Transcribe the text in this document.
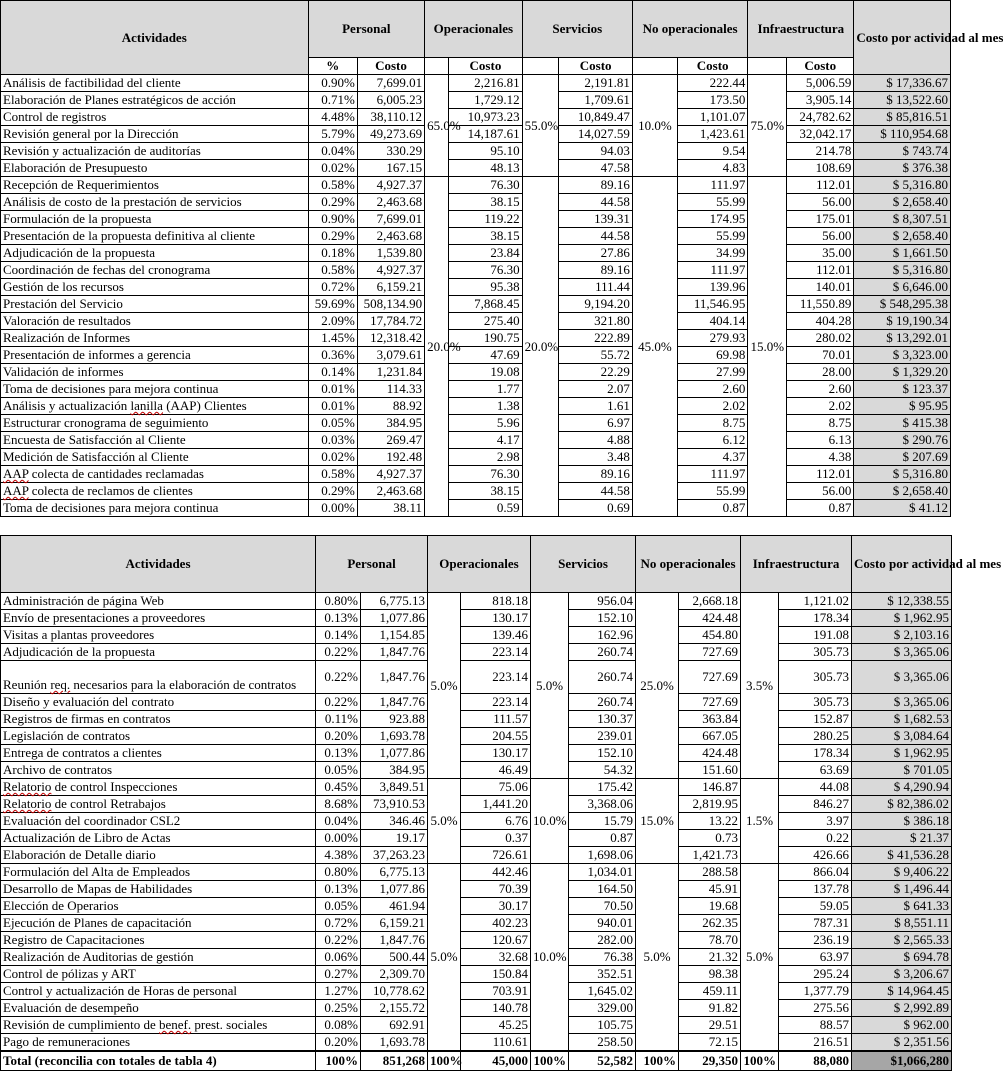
Actividades	Personal		Operacionales		Servicios		No operacionales		Infraestructura		Costo por actividad al mes
	%	Costo		Costo		Costo		Costo		Costo	
Análisis de factibilidad del cliente	0.90%	7,699.01	65.0%	2,216.81	55.0%	2,191.81	10.0%	222.44	75.0%	5,006.59	$ 17,336.67
Elaboración de Planes estratégicos de acción	0.71%	6,005.23		1,729.12		1,709.61		173.50		3,905.14	$ 13,522.60
Control de registros	4.48%	38,110.12		10,973.23		10,849.47		1,101.07		24,782.62	$ 85,816.51
Revisión general por la Dirección	5.79%	49,273.69		14,187.61		14,027.59		1,423.61		32,042.17	$ 110,954.68
Revisión y actualización de auditorías	0.04%	330.29		95.10		94.03		9.54		214.78	$ 743.74
Elaboración de Presupuesto	0.02%	167.15		48.13		47.58		4.83		108.69	$ 376.38
Recepción de Requerimientos	0.58%	4,927.37	20.0%	76.30	20.0%	89.16	45.0%	111.97	15.0%	112.01	$ 5,316.80
Análisis de costo de la prestación de servicios	0.29%	2,463.68		38.15		44.58		55.99		56.00	$ 2,658.40
Formulación de la propuesta	0.90%	7,699.01		119.22		139.31		174.95		175.01	$ 8,307.51
Presentación de la propuesta definitiva al cliente	0.29%	2,463.68		38.15		44.58		55.99		56.00	$ 2,658.40
Adjudicación de la propuesta	0.18%	1,539.80		23.84		27.86		34.99		35.00	$ 1,661.50
Coordinación de fechas del cronograma	0.58%	4,927.37		76.30		89.16		111.97		112.01	$ 5,316.80
Gestión de los recursos	0.72%	6,159.21		95.38		111.44		139.96		140.01	$ 6,646.00
Prestación del Servicio	59.69%	508,134.90		7,868.45		9,194.20		11,546.95		11,550.89	$ 548,295.38
Valoración de resultados	2.09%	17,784.72		275.40		321.80		404.14		404.28	$ 19,190.34
Realización de Informes	1.45%	12,318.42		190.75		222.89		279.93		280.02	$ 13,292.01
Presentación de informes a gerencia	0.36%	3,079.61		47.69		55.72		69.98		70.01	$ 3,323.00
Validación de informes	0.14%	1,231.84		19.08		22.29		27.99		28.00	$ 1,329.20
Toma de decisiones para mejora continua	0.01%	114.33		1.77		2.07		2.60		2.60	$ 123.37
Análisis y actualización lanilla (AAP) Clientes	0.01%	88.92		1.38		1.61		2.02		2.02	$ 95.95
Estructurar cronograma de seguimiento	0.05%	384.95		5.96		6.97		8.75		8.75	$ 415.38
Encuesta de Satisfacción al Cliente	0.03%	269.47		4.17		4.88		6.12		6.13	$ 290.76
Medición de Satisfacción al Cliente	0.02%	192.48		2.98		3.48		4.37		4.38	$ 207.69
AAP colecta de cantidades reclamadas	0.58%	4,927.37		76.30		89.16		111.97		112.01	$ 5,316.80
AAP colecta de reclamos de clientes	0.29%	2,463.68		38.15		44.58		55.99		56.00	$ 2,658.40
Toma de decisiones para mejora continua	0.00%	38.11		0.59		0.69		0.87		0.87	$ 41.12
Actividades	Personal		Operacionales		Servicios		No operacionales		Infraestructura		Costo por actividad al mes
Administración de página Web	0.80%	6,775.13	5.0%	818.18	5.0%	956.04	25.0%	2,668.18	3.5%	1,121.02	$ 12,338.55
Envío de presentaciones a proveedores	0.13%	1,077.86		130.17		152.10		424.48		178.34	$ 1,962.95
Visitas a plantas proveedores	0.14%	1,154.85		139.46		162.96		454.80		191.08	$ 2,103.16
Adjudicación de la propuesta	0.22%	1,847.76		223.14		260.74		727.69		305.73	$ 3,365.06
Reunión req. necesarios para la elaboración de contratos	0.22%	1,847.76		223.14		260.74		727.69		305.73	$ 3,365.06
Diseño y evaluación del contrato	0.22%	1,847.76		223.14		260.74		727.69		305.73	$ 3,365.06
Registros de firmas en contratos	0.11%	923.88		111.57		130.37		363.84		152.87	$ 1,682.53
Legislación de contratos	0.20%	1,693.78		204.55		239.01		667.05		280.25	$ 3,084.64
Entrega de contratos a clientes	0.13%	1,077.86		130.17		152.10		424.48		178.34	$ 1,962.95
Archivo de contratos	0.05%	384.95		46.49		54.32		151.60		63.69	$ 701.05
Relatorio de control Inspecciones	0.45%	3,849.51	5.0%	75.06	10.0%	175.42	15.0%	146.87	1.5%	44.08	$ 4,290.94
Relatorio de control Retrabajos	8.68%	73,910.53		1,441.20		3,368.06		2,819.95		846.27	$ 82,386.02
Evaluación del coordinador CSL2	0.04%	346.46		6.76		15.79		13.22		3.97	$ 386.18
Actualización de Libro de Actas	0.00%	19.17		0.37		0.87		0.73		0.22	$ 21.37
Elaboración de Detalle diario	4.38%	37,263.23		726.61		1,698.06		1,421.73		426.66	$ 41,536.28
Formulación del Alta de Empleados	0.80%	6,775.13	5.0%	442.46	10.0%	1,034.01	5.0%	288.58	5.0%	866.04	$ 9,406.22
Desarrollo de Mapas de Habilidades	0.13%	1,077.86		70.39		164.50		45.91		137.78	$ 1,496.44
Elección de Operarios	0.05%	461.94		30.17		70.50		19.68		59.05	$ 641.33
Ejecución de Planes de capacitación	0.72%	6,159.21		402.23		940.01		262.35		787.31	$ 8,551.11
Registro de Capacitaciones	0.22%	1,847.76		120.67		282.00		78.70		236.19	$ 2,565.33
Realización de Auditorias de gestión	0.06%	500.44		32.68		76.38		21.32		63.97	$ 694.78
Control de pólizas y ART	0.27%	2,309.70		150.84		352.51		98.38		295.24	$ 3,206.67
Control y actualización de Horas de personal	1.27%	10,778.62		703.91		1,645.02		459.11		1,377.79	$ 14,964.45
Evaluación de desempeño	0.25%	2,155.72		140.78		329.00		91.82		275.56	$ 2,992.89
Revisión de cumplimiento de benef. prest. sociales	0.08%	692.91		45.25		105.75		29.51		88.57	$ 962.00
Pago de remuneraciones	0.20%	1,693.78		110.61		258.50		72.15		216.51	$ 2,351.56
Total (reconcilia con totales de tabla 4)	100%	851,268	100%	45,000	100%	52,582	100%	29,350	100%	88,080	$1,066,280
